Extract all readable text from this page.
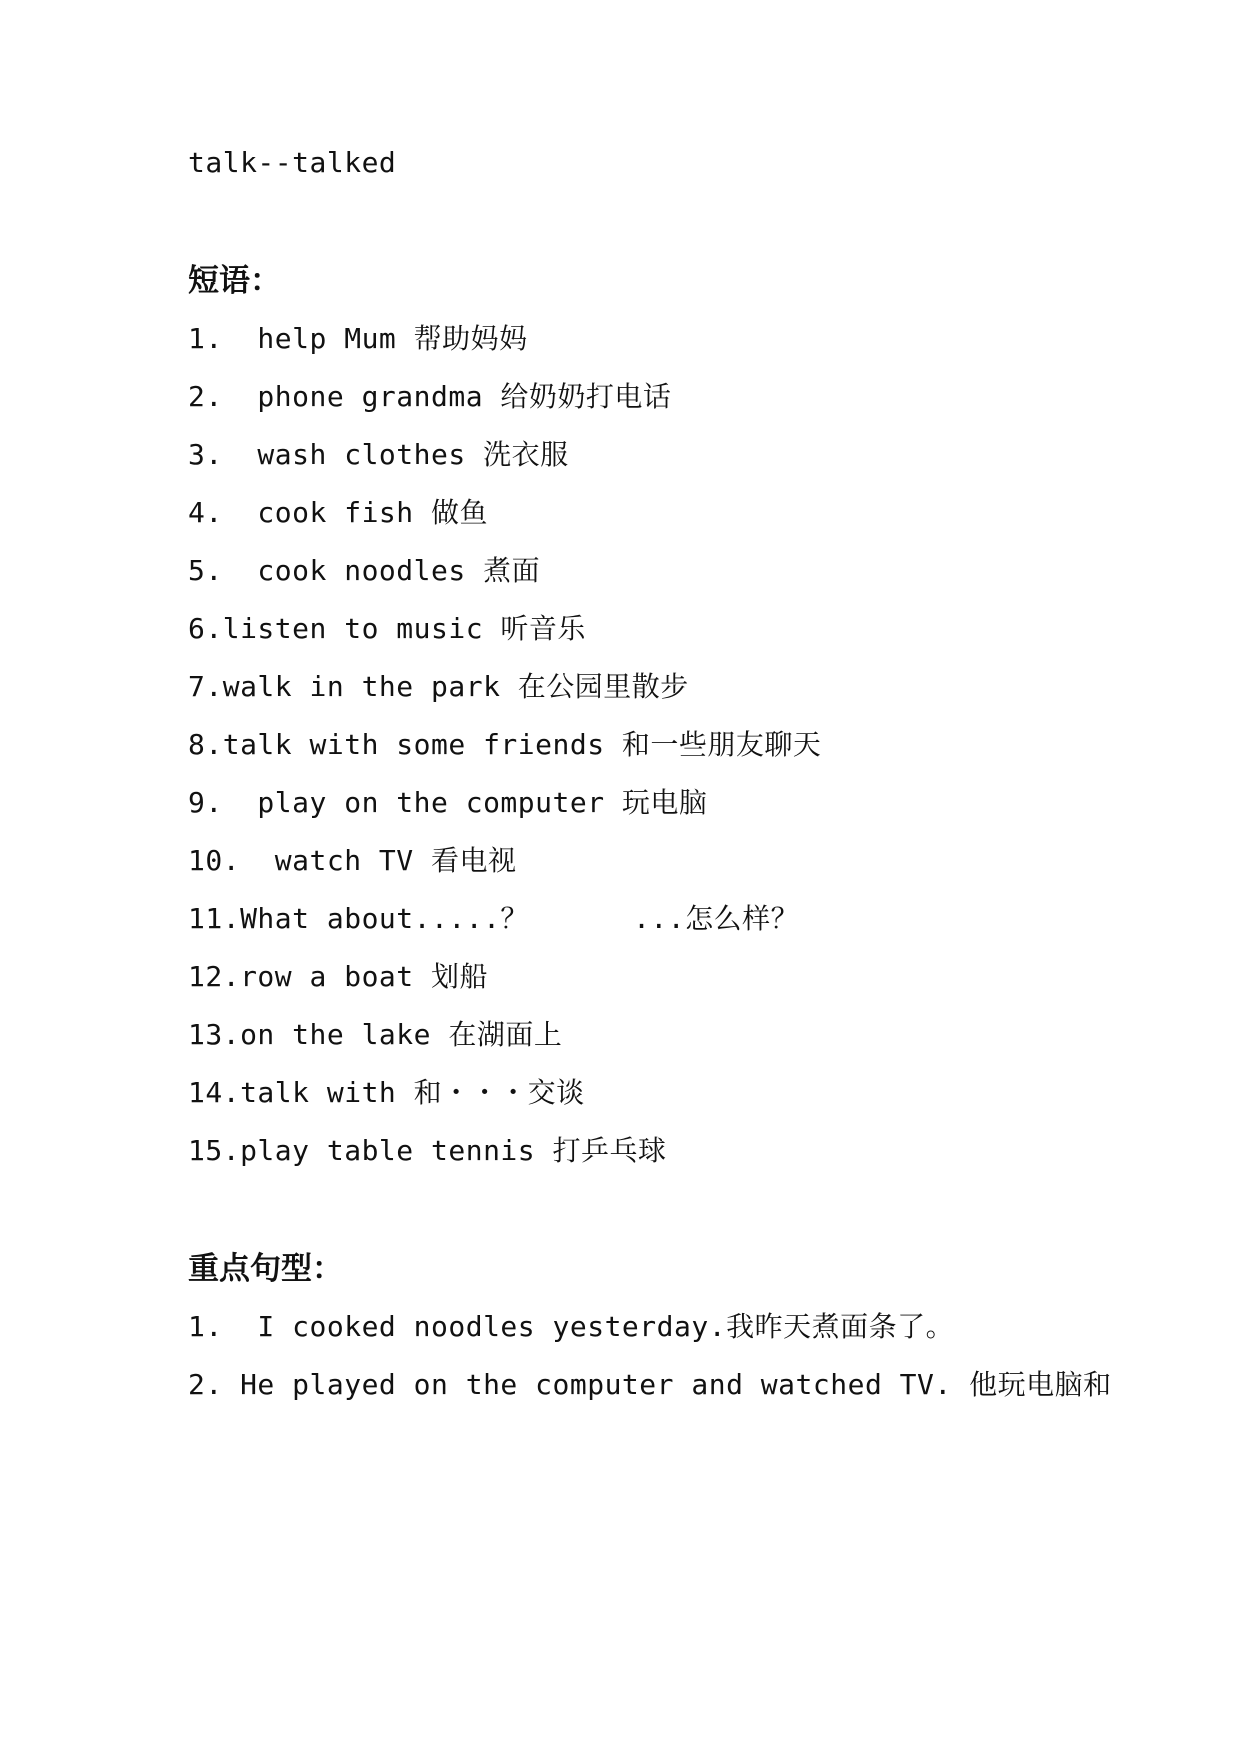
talk--talked
短语：
1.  help Mum 帮助妈妈
2.  phone grandma 给奶奶打电话
3.  wash clothes 洗衣服
4.  cook fish 做鱼
5.  cook noodles 煮面
6.listen to music 听音乐
7.walk in the park 在公园里散步
8.talk with some friends 和一些朋友聊天
9.  play on the computer 玩电脑
10.  watch TV 看电视
11.What about.....？      ...怎么样？
12.row a boat 划船
13.on the lake 在湖面上
14.talk with 和・・・交谈
15.play table tennis 打乒乓球
重点句型：
1.  I cooked noodles yesterday.我昨天煮面条了。
2. He played on the computer and watched TV. 他玩电脑和
